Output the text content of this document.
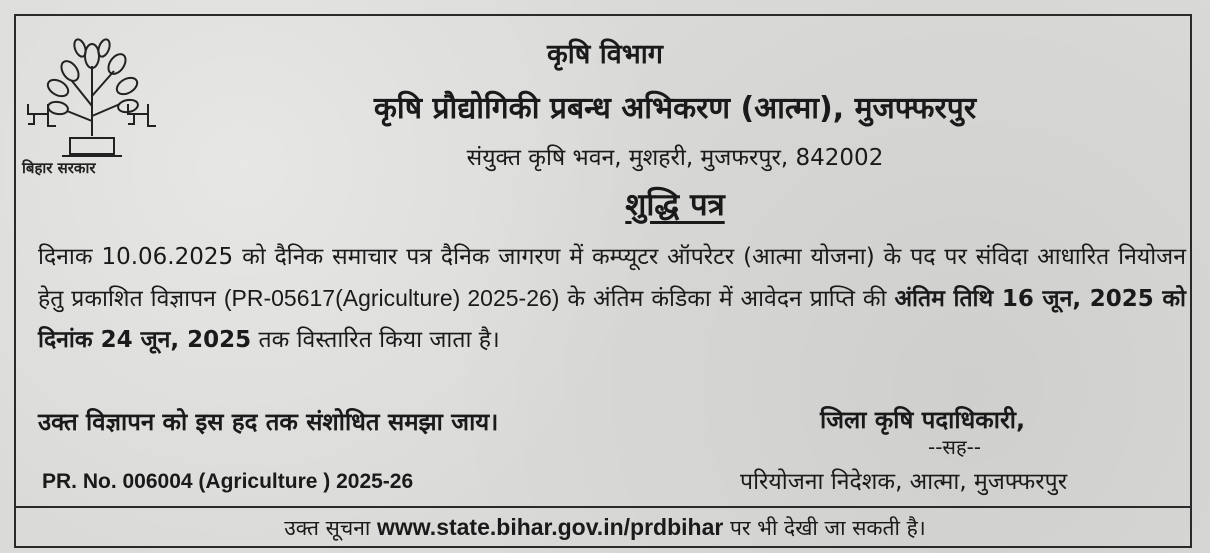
बिहार सरकार
कृषि विभाग
कृषि प्रौद्योगिकी प्रबन्ध अभिकरण (आत्मा), मुजफ्फरपुर
संयुक्त कृषि भवन, मुशहरी, मुजफरपुर, 842002
शुद्धि पत्र
दिनाक 10.06.2025 को दैनिक समाचार पत्र दैनिक जागरण में कम्प्यूटर ऑपरेटर (आत्मा योजना) के पद पर संविदा आधारित नियोजन हेतु प्रकाशित विज्ञापन (PR-05617(Agriculture) 2025-26) के अंतिम कंडिका में आवेदन प्राप्ति की अंतिम तिथि 16 जून, 2025 को दिनांक 24 जून, 2025 तक विस्तारित किया जाता है।
उक्त विज्ञापन को इस हद तक संशोधित समझा जाय।	जिला कृषि पदाधिकारी,
--सह--
परियोजना निदेशक, आत्मा, मुजफ्फरपुर
PR. No. 006004 (Agriculture ) 2025-26
उक्त सूचना www.state.bihar.gov.in/prdbihar पर भी देखी जा सकती है।
